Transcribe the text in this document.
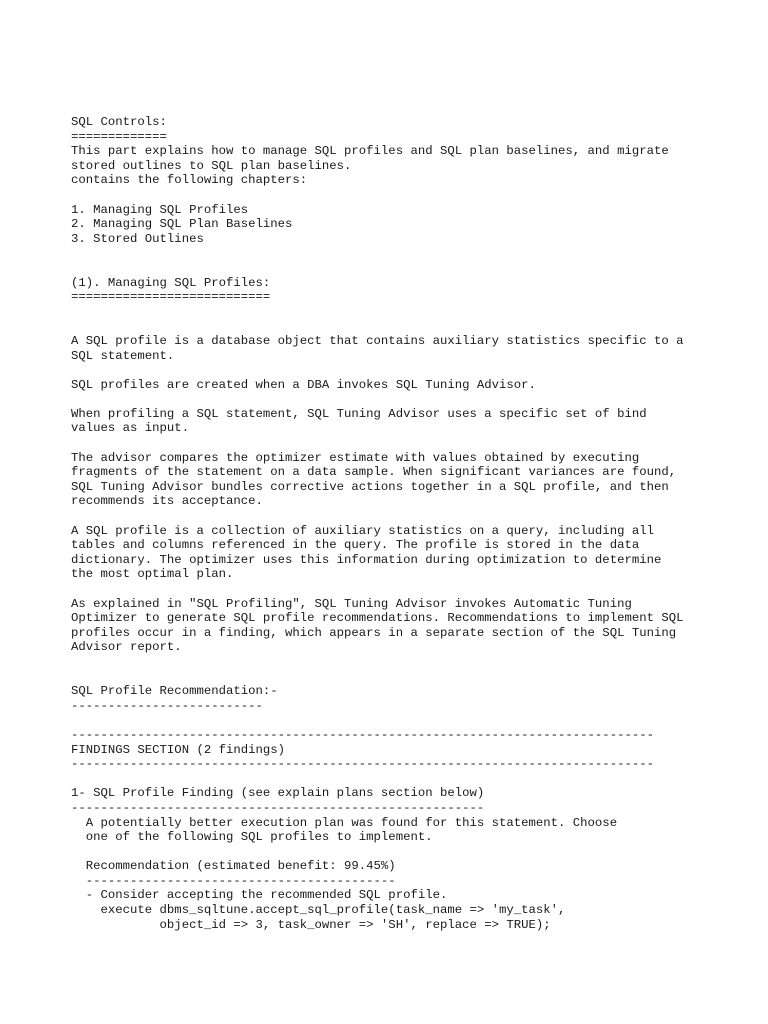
SQL Controls:
=============
This part explains how to manage SQL profiles and SQL plan baselines, and migrate
stored outlines to SQL plan baselines.
contains the following chapters:
1. Managing SQL Profiles
2. Managing SQL Plan Baselines
3. Stored Outlines
(1). Managing SQL Profiles:
===========================
A SQL profile is a database object that contains auxiliary statistics specific to a
SQL statement.
SQL profiles are created when a DBA invokes SQL Tuning Advisor.
When profiling a SQL statement, SQL Tuning Advisor uses a specific set of bind
values as input.
The advisor compares the optimizer estimate with values obtained by executing
fragments of the statement on a data sample. When significant variances are found,
SQL Tuning Advisor bundles corrective actions together in a SQL profile, and then
recommends its acceptance.
A SQL profile is a collection of auxiliary statistics on a query, including all
tables and columns referenced in the query. The profile is stored in the data
dictionary. The optimizer uses this information during optimization to determine
the most optimal plan.
As explained in "SQL Profiling", SQL Tuning Advisor invokes Automatic Tuning
Optimizer to generate SQL profile recommendations. Recommendations to implement SQL
profiles occur in a finding, which appears in a separate section of the SQL Tuning
Advisor report.
SQL Profile Recommendation:-
--------------------------
-------------------------------------------------------------------------------
FINDINGS SECTION (2 findings)
-------------------------------------------------------------------------------
1- SQL Profile Finding (see explain plans section below)
--------------------------------------------------------
A potentially better execution plan was found for this statement. Choose
one of the following SQL profiles to implement.
Recommendation (estimated benefit: 99.45%)
------------------------------------------
- Consider accepting the recommended SQL profile.
execute dbms_sqltune.accept_sql_profile(task_name => 'my_task',
object_id => 3, task_owner => 'SH', replace => TRUE);
